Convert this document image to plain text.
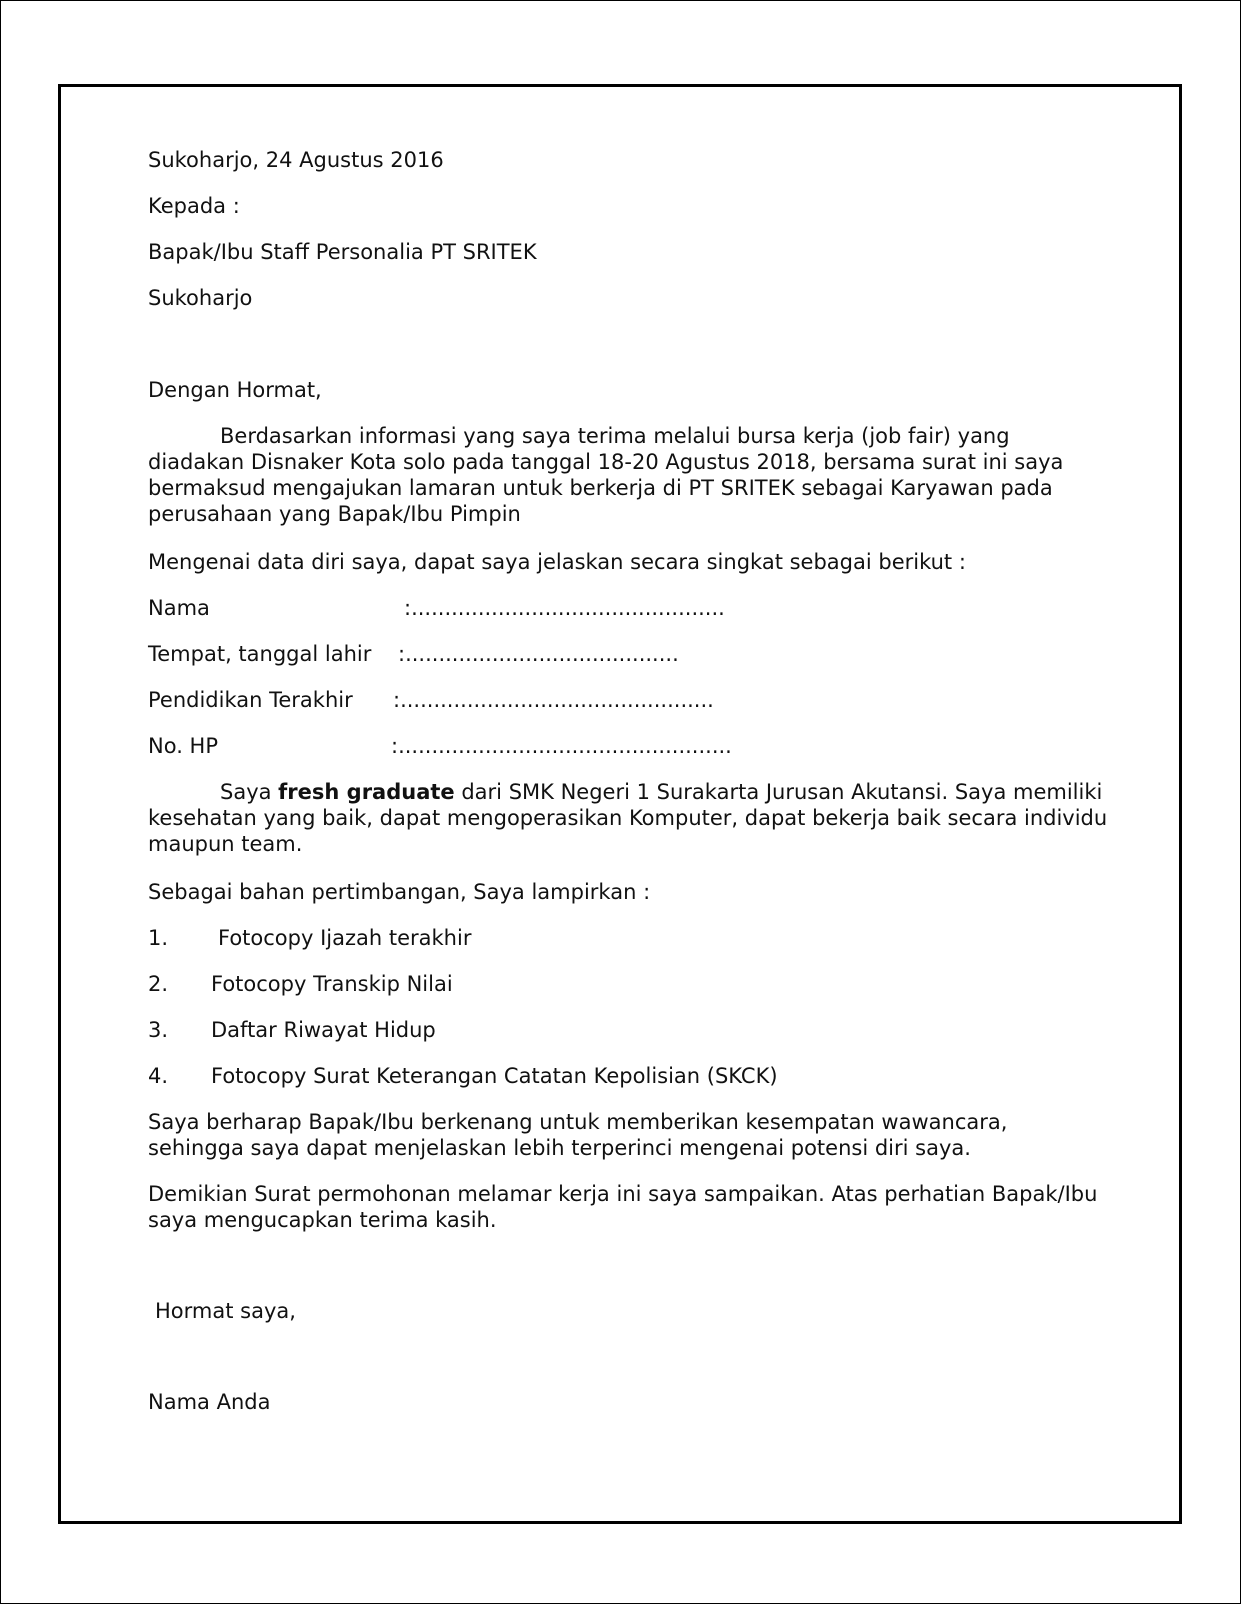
Sukoharjo, 24 Agustus 2016
Kepada :
Bapak/Ibu Staff Personalia PT SRITEK
Sukoharjo
Dengan Hormat,

Berdasarkan informasi yang saya terima melalui bursa kerja (job fair) yang diadakan Disnaker Kota solo pada tanggal 18-20 Agustus 2018, bersama surat ini saya bermaksud mengajukan lamaran untuk berkerja di PT SRITEK sebagai Karyawan pada perusahaan yang Bapak/Ibu Pimpin

Mengenai data diri saya, dapat saya jelaskan secara singkat sebagai berikut :
Nama	:...............................................
Tempat, tanggal lahir :.........................................
Pendidikan Terakhir :...............................................
No. HP	:..................................................

Saya fresh graduate dari SMK Negeri 1 Surakarta Jurusan Akutansi. Saya memiliki kesehatan yang baik, dapat mengoperasikan Komputer, dapat bekerja baik secara individu maupun team.

Sebagai bahan pertimbangan, Saya lampirkan :
1. Fotocopy Ijazah terakhir
2. Fotocopy Transkip Nilai
3. Daftar Riwayat Hidup
4. Fotocopy Surat Keterangan Catatan Kepolisian (SKCK)

Saya berharap Bapak/Ibu berkenang untuk memberikan kesempatan wawancara, sehingga saya dapat menjelaskan lebih terperinci mengenai potensi diri saya.

Demikian Surat permohonan melamar kerja ini saya sampaikan. Atas perhatian Bapak/Ibu saya mengucapkan terima kasih.

Hormat saya,
Nama Anda
